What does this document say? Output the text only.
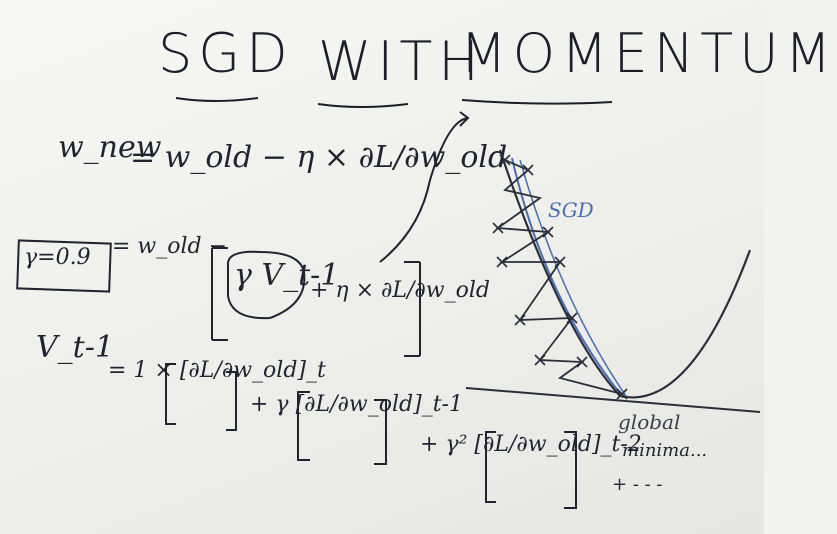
SGD WITH
MOMENTUM
w_new
= w_old − η × ∂L/∂w_old
γ=0.9 = w_old −
γ V_t-1
+ η × ∂L/∂w_old
V_t-1
= 1 × [∂L/∂w_old]_t
+ γ [∂L/∂w_old]_t-1
+ γ² [∂L/∂w_old]_t-2
+ - - -
SGD
global
minima...
